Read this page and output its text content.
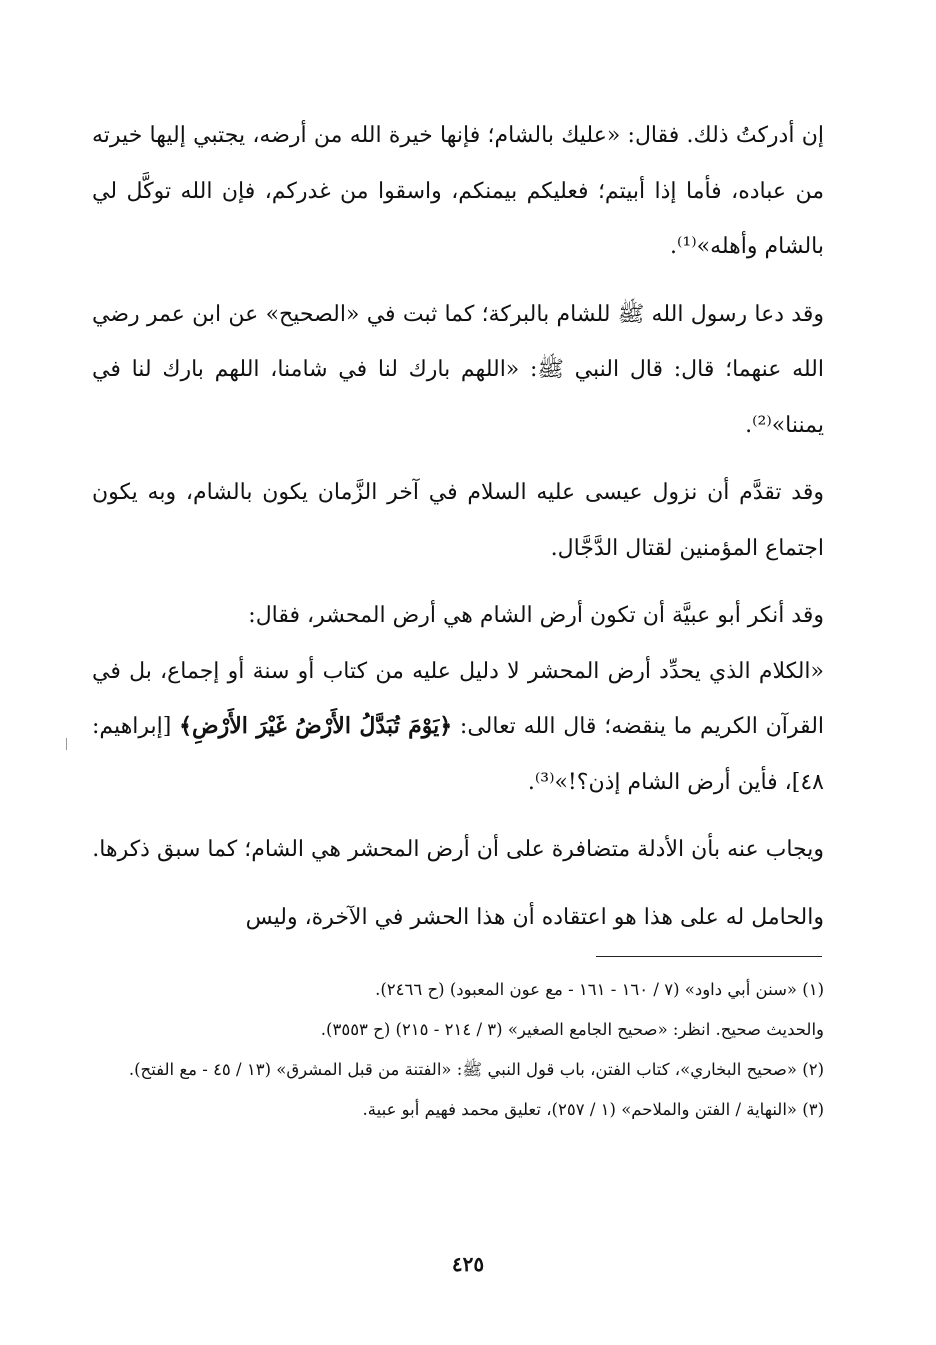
إن أدركتُ ذلك. فقال: «عليك بالشام؛ فإنها خيرة الله من أرضه، يجتبي إليها خيرته من عباده، فأما إذا أبيتم؛ فعليكم بيمنكم، واسقوا من غدركم، فإن الله توكَّل لي بالشام وأهله»⁽¹⁾.

وقد دعا رسول الله ﷺ للشام بالبركة؛ كما ثبت في «الصحيح» عن ابن عمر رضي الله عنهما؛ قال: قال النبي ﷺ: «اللهم بارك لنا في شامنا، اللهم بارك لنا في يمننا»⁽²⁾.

وقد تقدَّم أن نزول عيسى عليه السلام في آخر الزَّمان يكون بالشام، وبه يكون اجتماع المؤمنين لقتال الدَّجَّال.

وقد أنكر أبو عبيَّة أن تكون أرض الشام هي أرض المحشر، فقال:

«الكلام الذي يحدِّد أرض المحشر لا دليل عليه من كتاب أو سنة أو إجماع، بل في القرآن الكريم ما ينقضه؛ قال الله تعالى: ﴿يَوْمَ تُبَدَّلُ الأَرْضُ غَيْرَ الأَرْضِ﴾ [إبراهيم: ٤٨]، فأين أرض الشام إذن؟!»⁽³⁾.

ويجاب عنه بأن الأدلة متضافرة على أن أرض المحشر هي الشام؛ كما سبق ذكرها.

والحامل له على هذا هو اعتقاده أن هذا الحشر في الآخرة، وليس

(١) «سنن أبي داود» (٧ / ١٦٠ - ١٦١ - مع عون المعبود) (ح ٢٤٦٦).

والحديث صحيح. انظر: «صحيح الجامع الصغير» (٣ / ٢١٤ - ٢١٥) (ح ٣٥٥٣).

(٢) «صحيح البخاري»، كتاب الفتن، باب قول النبي ﷺ: «الفتنة من قبل المشرق» (١٣ / ٤٥ - مع الفتح).

(٣) «النهاية / الفتن والملاحم» (١ / ٢٥٧)، تعليق محمد فهيم أبو عبية.

٤٢٥
